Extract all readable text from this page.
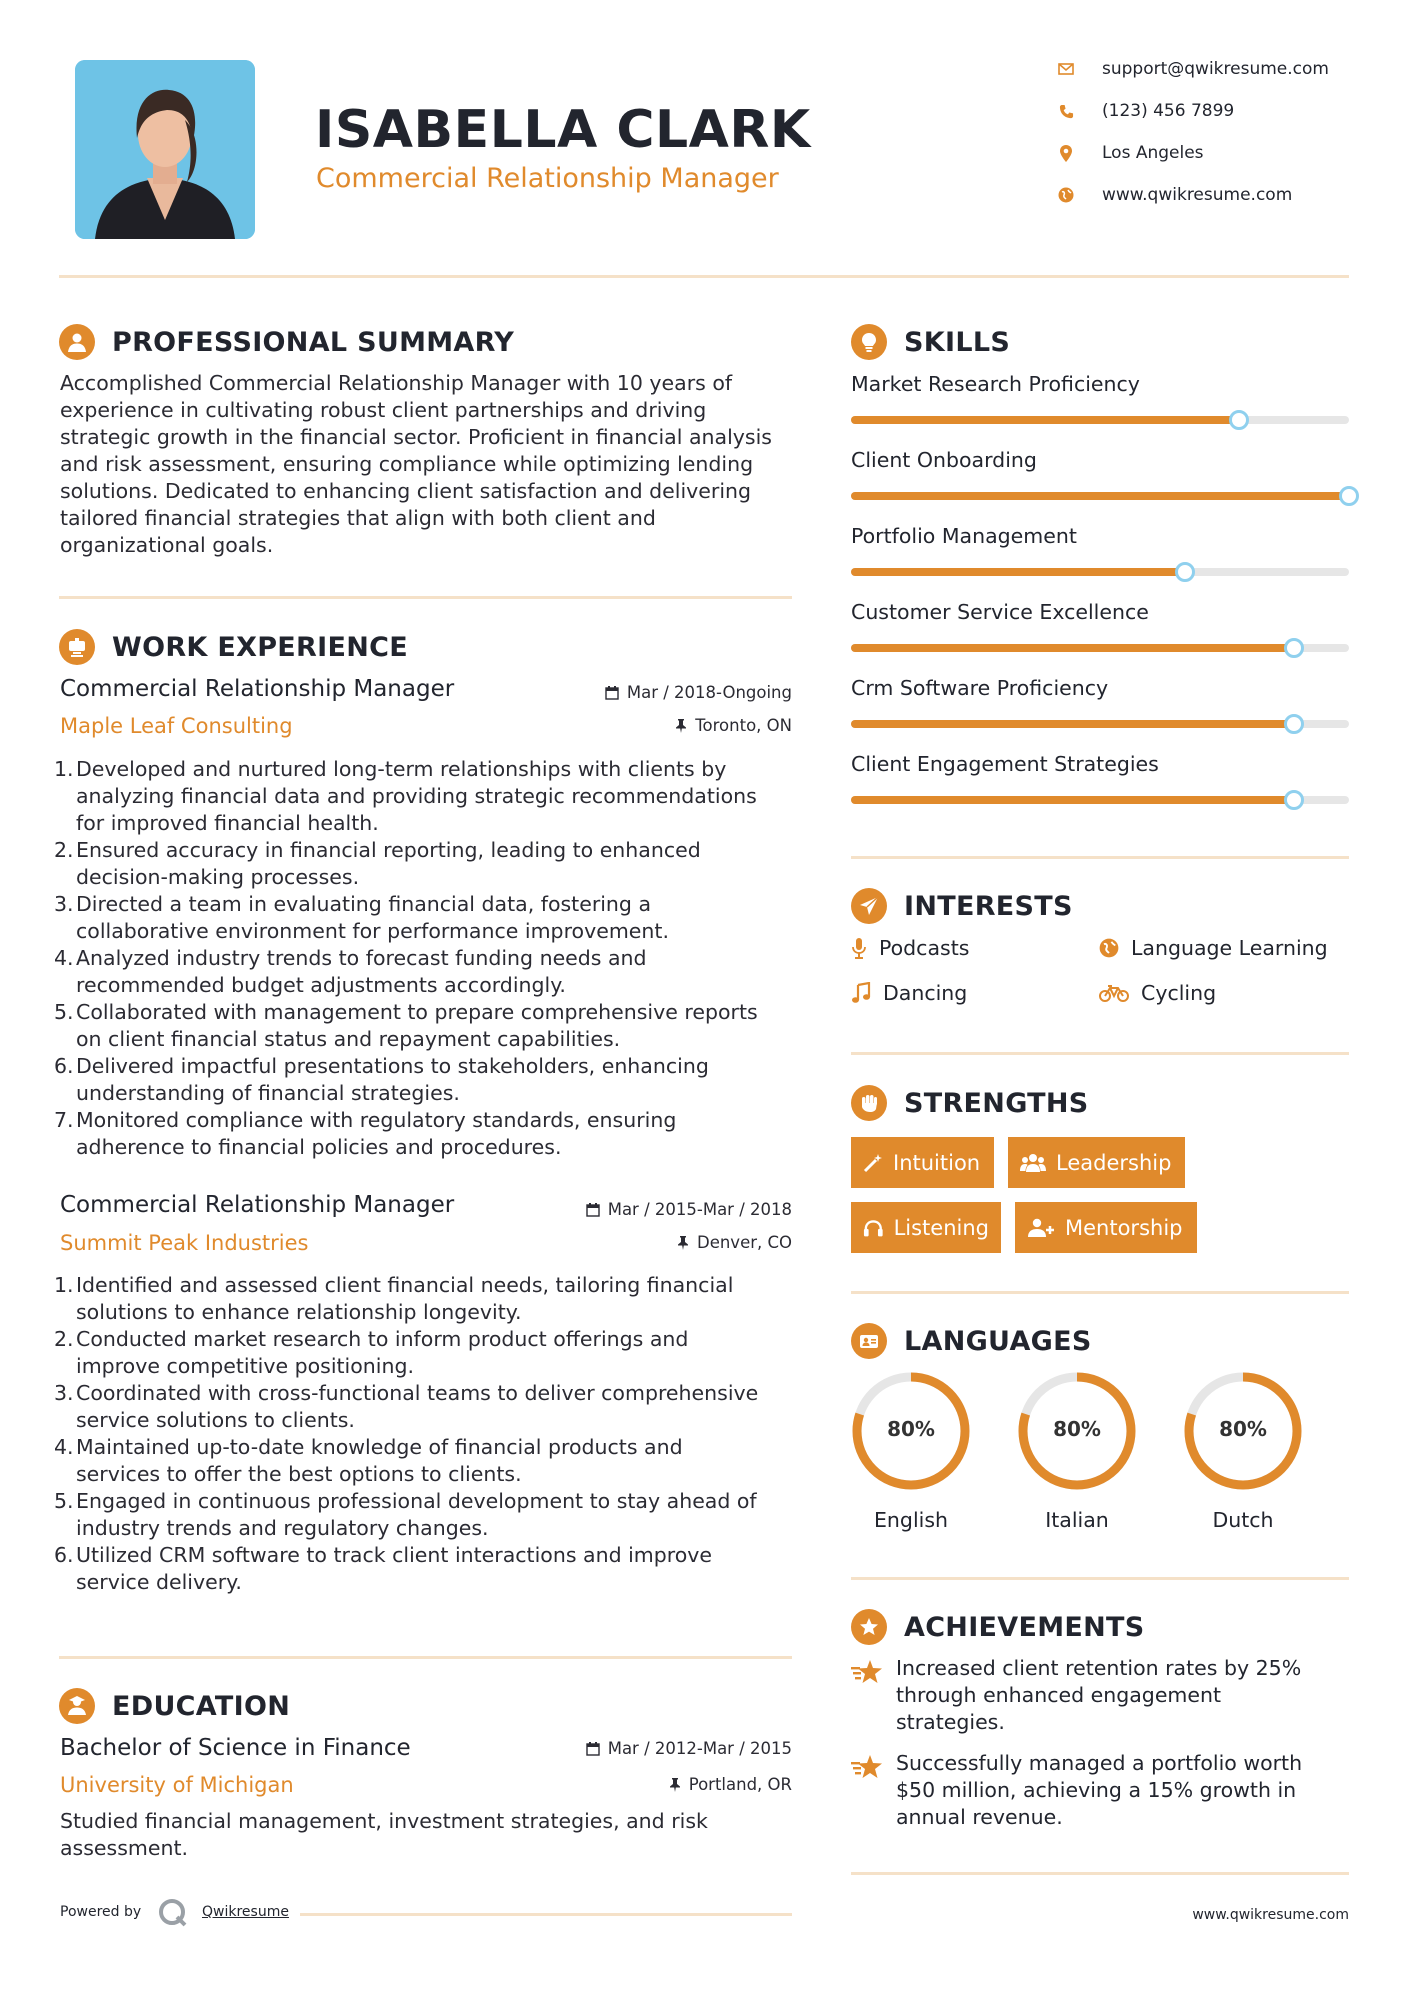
ISABELLA CLARK
Commercial Relationship Manager
support@qwikresume.com
(123) 456 7899
Los Angeles
www.qwikresume.com
PROFESSIONAL SUMMARY
Accomplished Commercial Relationship Manager with 10 years of
experience in cultivating robust client partnerships and driving
strategic growth in the financial sector. Proficient in financial analysis
and risk assessment, ensuring compliance while optimizing lending
solutions. Dedicated to enhancing client satisfaction and delivering
tailored financial strategies that align with both client and
organizational goals.
WORK EXPERIENCE
Commercial Relationship Manager
Maple Leaf Consulting
Mar / 2018-Ongoing
Toronto, ON
1. Developed and nurtured long-term relationships with clients by
analyzing financial data and providing strategic recommendations
for improved financial health.
2. Ensured accuracy in financial reporting, leading to enhanced
decision-making processes.
3. Directed a team in evaluating financial data, fostering a
collaborative environment for performance improvement.
4. Analyzed industry trends to forecast funding needs and
recommended budget adjustments accordingly.
5. Collaborated with management to prepare comprehensive reports
on client financial status and repayment capabilities.
6. Delivered impactful presentations to stakeholders, enhancing
understanding of financial strategies.
7. Monitored compliance with regulatory standards, ensuring
adherence to financial policies and procedures.
Commercial Relationship Manager
Summit Peak Industries
Mar / 2015-Mar / 2018
Denver, CO
1. Identified and assessed client financial needs, tailoring financial
solutions to enhance relationship longevity.
2. Conducted market research to inform product offerings and
improve competitive positioning.
3. Coordinated with cross-functional teams to deliver comprehensive
service solutions to clients.
4. Maintained up-to-date knowledge of financial products and
services to offer the best options to clients.
5. Engaged in continuous professional development to stay ahead of
industry trends and regulatory changes.
6. Utilized CRM software to track client interactions and improve
service delivery.
EDUCATION
Bachelor of Science in Finance
University of Michigan
Mar / 2012-Mar / 2015
Portland, OR
Studied financial management, investment strategies, and risk
assessment.
Powered by	Qwikresume
SKILLS
Market Research Proficiency
Client Onboarding
Portfolio Management
Customer Service Excellence
Crm Software Proficiency
Client Engagement Strategies
INTERESTS
Podcasts	Language Learning
Dancing	Cycling
STRENGTHS
Intuition	Leadership
Listening	Mentorship
LANGUAGES
80%
English
80%
Italian
80%
Dutch
ACHIEVEMENTS
Increased client retention rates by 25%
through enhanced engagement
strategies.
Successfully managed a portfolio worth
$50 million, achieving a 15% growth in
annual revenue.
www.qwikresume.com
